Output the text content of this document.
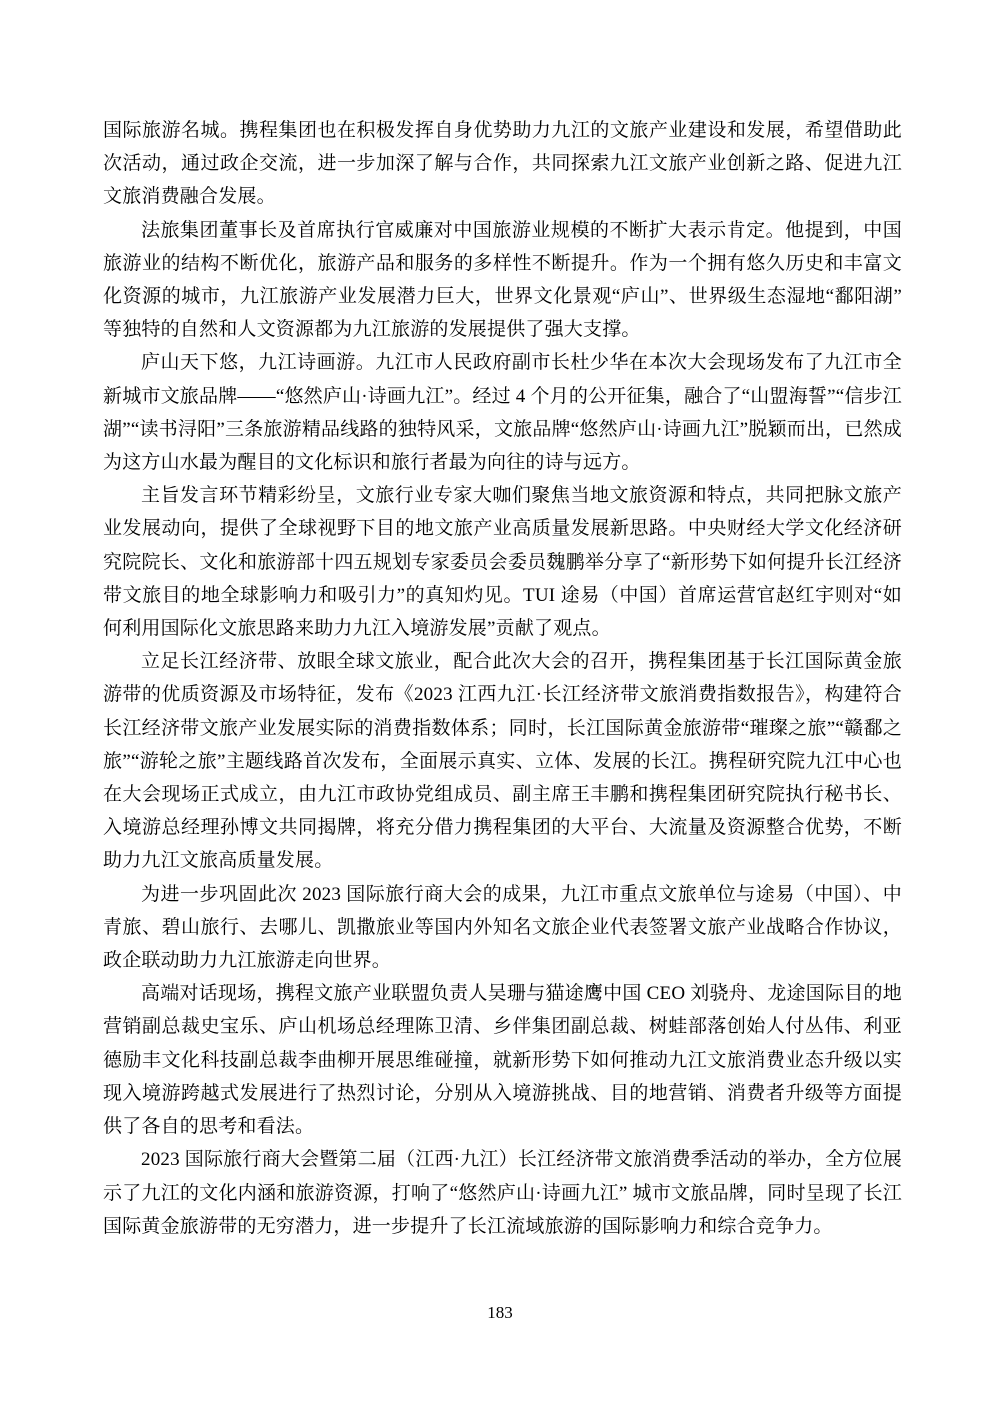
国际旅游名城。携程集团也在积极发挥自身优势助力九江的文旅产业建设和发展，希望借助此次活动，通过政企交流，进一步加深了解与合作，共同探索九江文旅产业创新之路、促进九江文旅消费融合发展。

法旅集团董事长及首席执行官威廉对中国旅游业规模的不断扩大表示肯定。他提到，中国旅游业的结构不断优化，旅游产品和服务的多样性不断提升。作为一个拥有悠久历史和丰富文化资源的城市，九江旅游产业发展潜力巨大，世界文化景观“庐山”、世界级生态湿地“鄱阳湖”等独特的自然和人文资源都为九江旅游的发展提供了强大支撑。

庐山天下悠，九江诗画游。九江市人民政府副市长杜少华在本次大会现场发布了九江市全新城市文旅品牌——“悠然庐山·诗画九江”。经过 4 个月的公开征集，融合了“山盟海誓”“信步江湖”“读书浔阳”三条旅游精品线路的独特风采，文旅品牌“悠然庐山·诗画九江”脱颖而出，已然成为这方山水最为醒目的文化标识和旅行者最为向往的诗与远方。

主旨发言环节精彩纷呈，文旅行业专家大咖们聚焦当地文旅资源和特点，共同把脉文旅产业发展动向，提供了全球视野下目的地文旅产业高质量发展新思路。中央财经大学文化经济研究院院长、文化和旅游部十四五规划专家委员会委员魏鹏举分享了“新形势下如何提升长江经济带文旅目的地全球影响力和吸引力”的真知灼见。TUI 途易（中国）首席运营官赵红宇则对“如何利用国际化文旅思路来助力九江入境游发展”贡献了观点。

立足长江经济带、放眼全球文旅业，配合此次大会的召开，携程集团基于长江国际黄金旅游带的优质资源及市场特征，发布《2023 江西九江·长江经济带文旅消费指数报告》，构建符合长江经济带文旅产业发展实际的消费指数体系；同时，长江国际黄金旅游带“璀璨之旅”“赣鄱之旅”“游轮之旅”主题线路首次发布，全面展示真实、立体、发展的长江。携程研究院九江中心也在大会现场正式成立，由九江市政协党组成员、副主席王丰鹏和携程集团研究院执行秘书长、入境游总经理孙博文共同揭牌，将充分借力携程集团的大平台、大流量及资源整合优势，不断助力九江文旅高质量发展。

为进一步巩固此次 2023 国际旅行商大会的成果，九江市重点文旅单位与途易（中国）、中青旅、碧山旅行、去哪儿、凯撒旅业等国内外知名文旅企业代表签署文旅产业战略合作协议，政企联动助力九江旅游走向世界。

高端对话现场，携程文旅产业联盟负责人吴珊与猫途鹰中国 CEO 刘骁舟、龙途国际目的地营销副总裁史宝乐、庐山机场总经理陈卫清、乡伴集团副总裁、树蛙部落创始人付丛伟、利亚德励丰文化科技副总裁李曲柳开展思维碰撞，就新形势下如何推动九江文旅消费业态升级以实现入境游跨越式发展进行了热烈讨论，分别从入境游挑战、目的地营销、消费者升级等方面提供了各自的思考和看法。

2023 国际旅行商大会暨第二届（江西·九江）长江经济带文旅消费季活动的举办，全方位展示了九江的文化内涵和旅游资源，打响了“悠然庐山·诗画九江” 城市文旅品牌，同时呈现了长江国际黄金旅游带的无穷潜力，进一步提升了长江流域旅游的国际影响力和综合竞争力。

183
